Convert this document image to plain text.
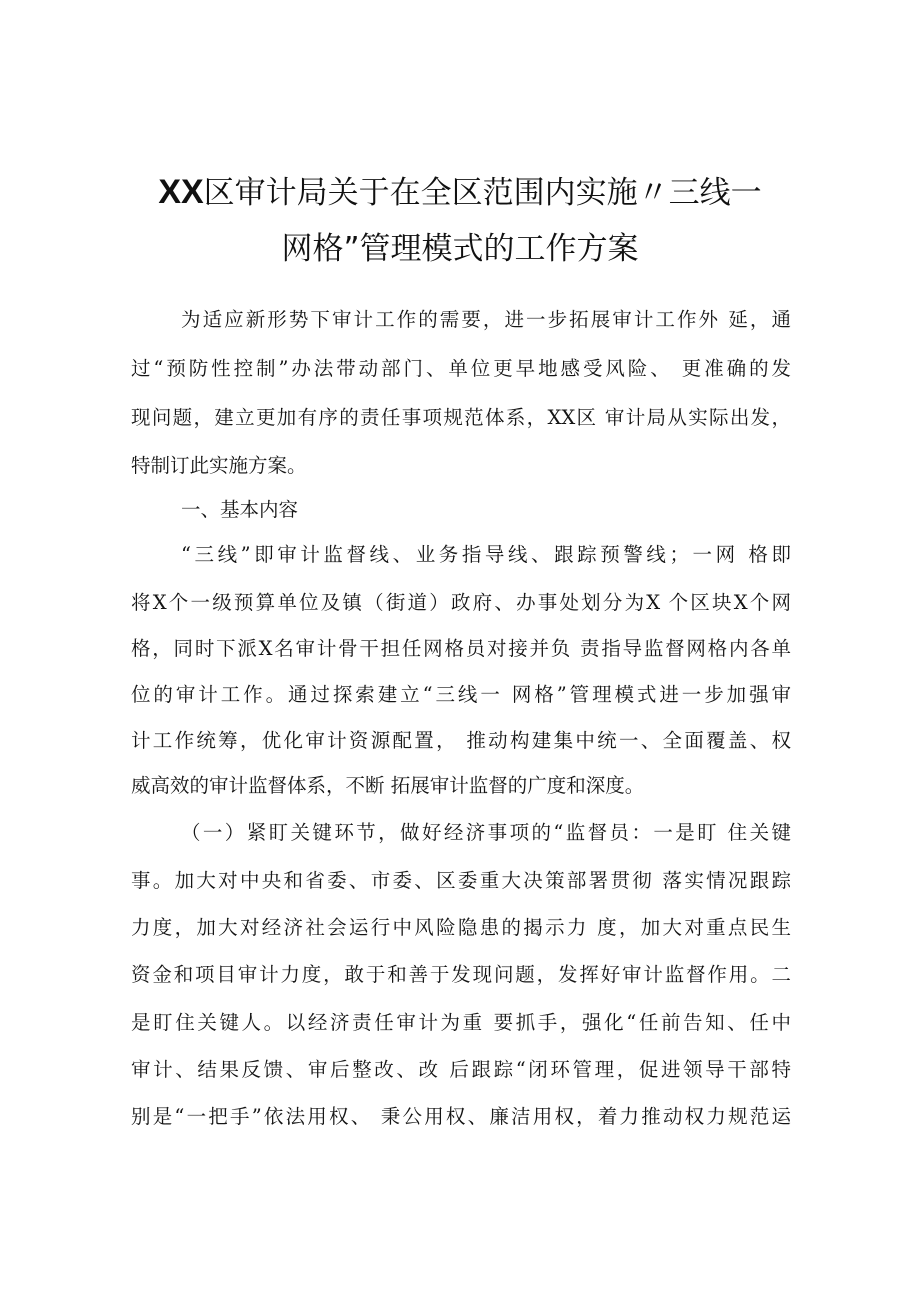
XX区审计局关于在全区范围内实施〃三线一
网格”管理模式的工作方案
为适应新形势下审计工作的需要，进一步拓展审计工作外 延，通
过“预防性控制”办法带动部门、单位更早地感受风险、 更准确的发
现问题，建立更加有序的责任事项规范体系，XX区 审计局从实际出发，
特制订此实施方案。
一、基本内容
“三线”即审计监督线、业务指导线、跟踪预警线；一网 格即
将X个一级预算单位及镇（街道）政府、办事处划分为X 个区块X个网
格，同时下派X名审计骨干担任网格员对接并负 责指导监督网格内各单
位的审计工作。通过探索建立“三线一 网格”管理模式进一步加强审
计工作统筹，优化审计资源配置， 推动构建集中统一、全面覆盖、权
威高效的审计监督体系，不断 拓展审计监督的广度和深度。
（一）紧盯关键环节，做好经济事项的“监督员：一是盯 住关键
事。加大对中央和省委、市委、区委重大决策部署贯彻 落实情况跟踪
力度，加大对经济社会运行中风险隐患的揭示力 度，加大对重点民生
资金和项目审计力度，敢于和善于发现问题，发挥好审计监督作用。二
是盯住关键人。以经济责任审计为重 要抓手，强化“任前告知、任中
审计、结果反馈、审后整改、改 后跟踪“闭环管理，促进领导干部特
别是“一把手”依法用权、 秉公用权、廉洁用权，着力推动权力规范运
